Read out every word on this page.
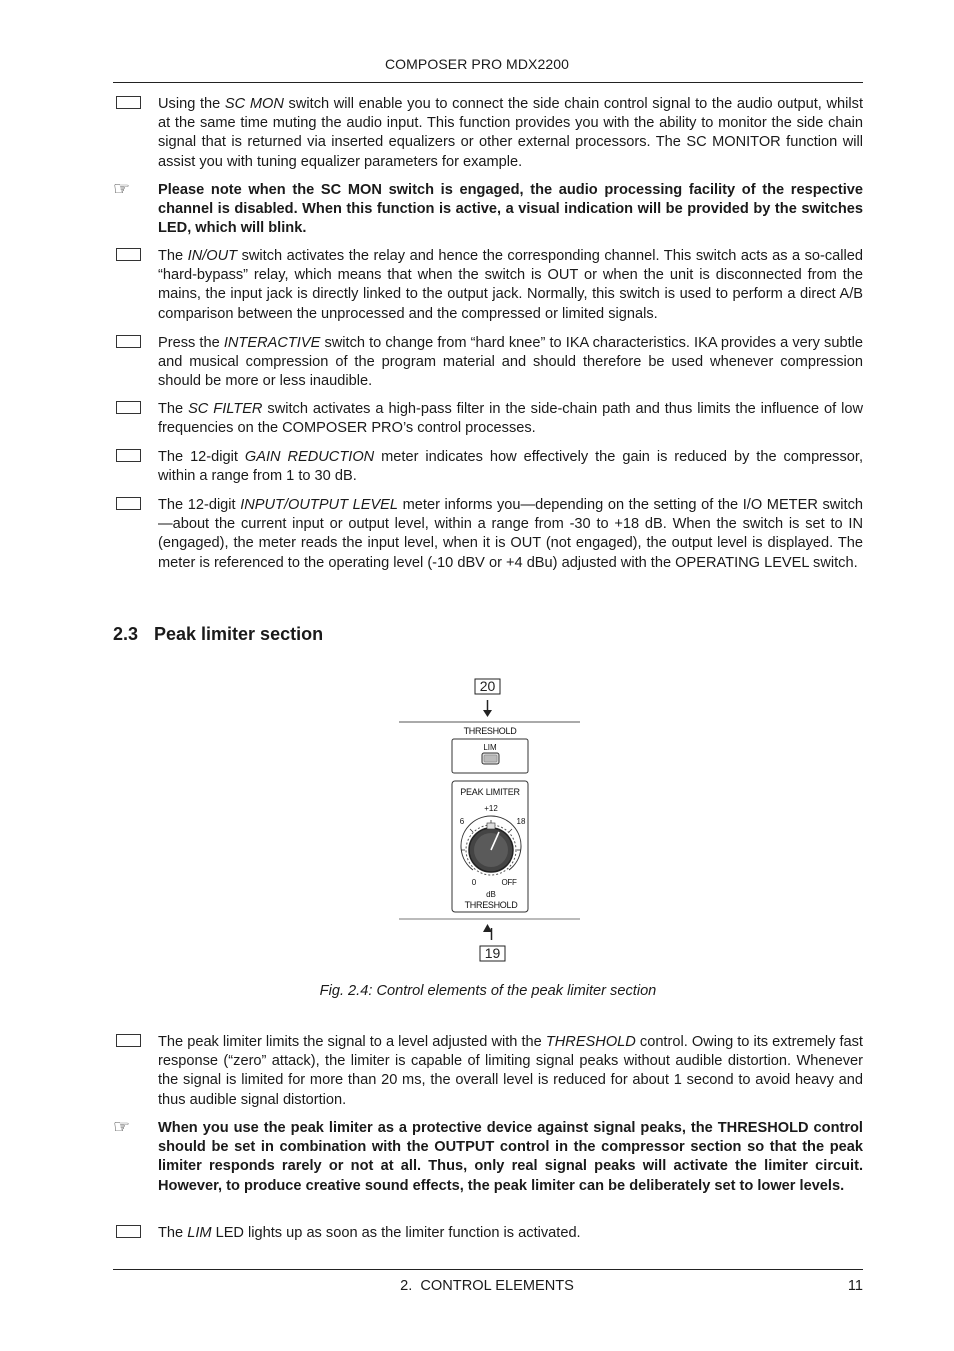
COMPOSER PRO MDX2200

Using the SC MON switch will enable you to connect the side chain control signal to the audio output, whilst at the same time muting the audio input. This function provides you with the ability to monitor the side chain signal that is returned via inserted equalizers or other external processors. The SC MONITOR function will assist you with tuning equalizer parameters for example.

☞ Please note when the SC MON switch is engaged, the audio processing facility of the respective channel is disabled. When this function is active, a visual indication will be provided by the switches LED, which will blink.

The IN/OUT switch activates the relay and hence the corresponding channel. This switch acts as a so-called “hard-bypass” relay, which means that when the switch is OUT or when the unit is disconnected from the mains, the input jack is directly linked to the output jack. Normally, this switch is used to perform a direct A/B comparison between the unprocessed and the compressed or limited signals.

Press the INTERACTIVE switch to change from “hard knee” to IKA characteristics. IKA provides a very subtle and musical compression of the program material and should therefore be used whenever compression should be more or less inaudible.

The SC FILTER switch activates a high-pass filter in the side-chain path and thus limits the influence of low frequencies on the COMPOSER PRO’s control processes.

The 12-digit GAIN REDUCTION meter indicates how effectively the gain is reduced by the compressor, within a range from 1 to 30 dB.

The 12-digit INPUT/OUTPUT LEVEL meter informs you—depending on the setting of the I/O METER switch—about the current input or output level, within a range from -30 to +18 dB. When the switch is set to IN (engaged), the meter reads the input level, when it is OUT (not engaged), the output level is displayed. The meter is referenced to the operating level (-10 dBV or +4 dBu) adjusted with the OPERATING LEVEL switch.

2.3 Peak limiter section
20
THRESHOLD
LIM
PEAK LIMITER
+12
6	18
0	OFF
dB
THRESHOLD
19
Fig. 2.4: Control elements of the peak limiter section

The peak limiter limits the signal to a level adjusted with the THRESHOLD control. Owing to its extremely fast response (“zero” attack), the limiter is capable of limiting signal peaks without audible distortion. Whenever the signal is limited for more than 20 ms, the overall level is reduced for about 1 second to avoid heavy and thus audible signal distortion.

☞ When you use the peak limiter as a protective device against signal peaks, the THRESHOLD control should be set in combination with the OUTPUT control in the compressor section so that the peak limiter responds rarely or not at all. Thus, only real signal peaks will activate the limiter circuit. However, to produce creative sound effects, the peak limiter can be deliberately set to lower levels.

The LIM LED lights up as soon as the limiter function is activated.

2.  CONTROL ELEMENTS	11
